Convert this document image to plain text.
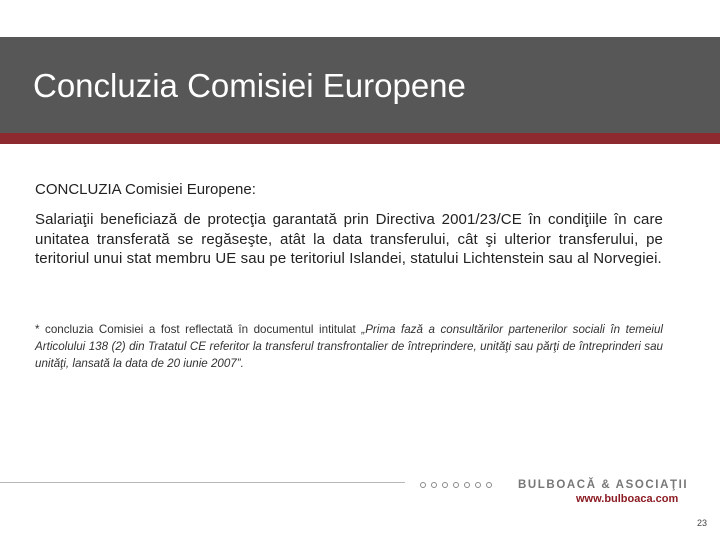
Concluzia Comisiei Europene
CONCLUZIA Comisiei Europene:
Salariaţii beneficiază de protecţia garantată prin Directiva 2001/23/CE în condiţiile în care unitatea transferată se regăseşte, atât la data transferului, cât şi ulterior transferului, pe teritoriul unui stat membru UE sau pe teritoriul Islandei, statului Lichtenstein sau al Norvegiei.
* concluzia Comisiei a fost reflectată în documentul intitulat „Prima fază a consultărilor partenerilor sociali în temeiul Articolului 138 (2) din Tratatul CE referitor la transferul transfrontalier de întreprindere, unităţi sau părţi de întreprinderi sau unităţi, lansată la data de 20 iunie 2007”.
BULBOACĂ & ASOCIAŢII
www.bulboaca.com
23
